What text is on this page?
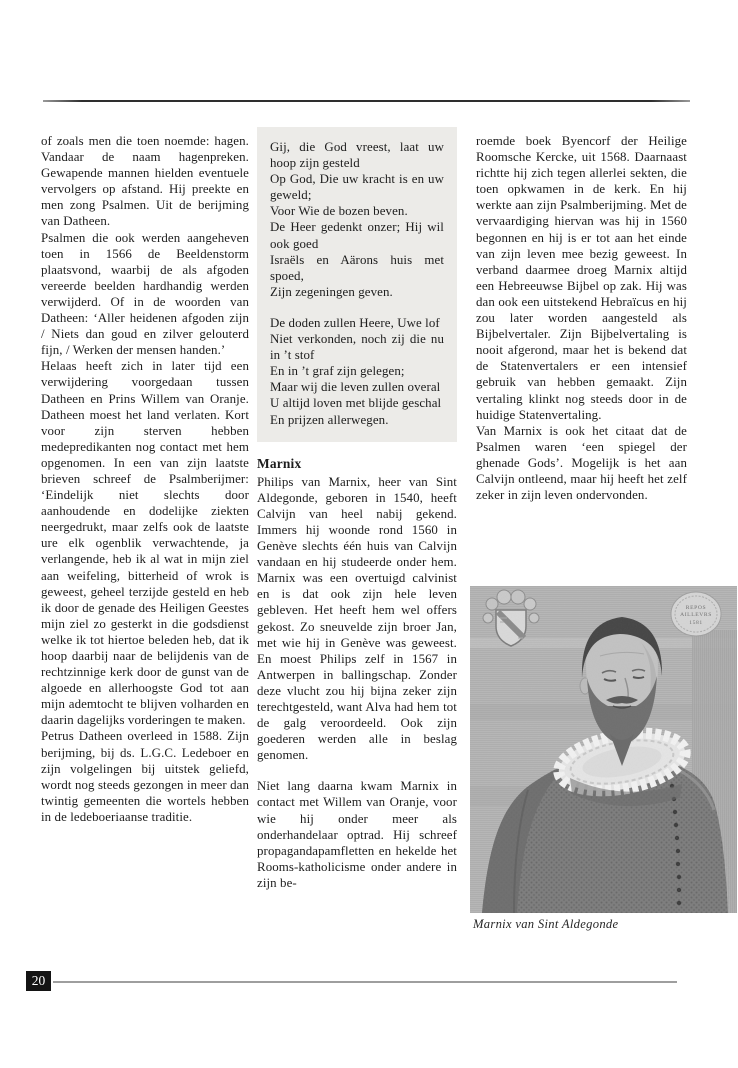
of zoals men die toen noemde: hagen. Vandaar de naam hagenpreken. Gewapende mannen hielden eventuele vervolgers op afstand. Hij preekte en men zong Psalmen. Uit de berijming van Datheen.

Psalmen die ook werden aangeheven toen in 1566 de Beeldenstorm plaatsvond, waarbij de als afgoden vereerde beelden hardhandig werden verwijderd. Of in de woorden van Datheen: ‘Aller heidenen afgoden zijn / Niets dan goud en zilver gelouterd fijn, / Werken der mensen handen.’

Helaas heeft zich in later tijd een verwijdering voorgedaan tussen Datheen en Prins Willem van Oranje. Datheen moest het land verlaten. Kort voor zijn sterven hebben medepredikanten nog contact met hem opgenomen. In een van zijn laatste brieven schreef de Psalmberijmer: ‘Eindelijk niet slechts door aanhoudende en dodelijke ziekten neergedrukt, maar zelfs ook de laatste ure elk ogenblik verwachtende, ja verlangende, heb ik al wat in mijn ziel aan weifeling, bitterheid of wrok is geweest, geheel terzijde gesteld en heb ik door de genade des Heiligen Geestes mijn ziel zo gesterkt in die godsdienst welke ik tot hiertoe beleden heb, dat ik hoop daarbij naar de belijdenis van de rechtzinnige kerk door de gunst van de algoede en allerhoogste God tot aan mijn ademtocht te blijven volharden en daarin dagelijks vorderingen te maken.

Petrus Datheen overleed in 1588. Zijn berijming, bij ds. L.G.C. Ledeboer en zijn volgelingen bij uitstek geliefd, wordt nog steeds gezongen in meer dan twintig gemeenten die wortels hebben in de ledeboeriaanse traditie.

Gij, die God vreest, laat uw hoop zijn gesteld
Op God, Die uw kracht is en uw geweld;
Voor Wie de bozen beven.
De Heer gedenkt onzer; Hij wil ook goed
Israëls en Aärons huis met spoed,
Zijn zegeningen geven.
De doden zullen Heere, Uwe lof
Niet verkonden, noch zij die nu in ’t stof
En in ’t graf zijn gelegen;
Maar wij die leven zullen overal
U altijd loven met blijde geschal
En prijzen allerwegen.
Marnix

Philips van Marnix, heer van Sint Aldegonde, geboren in 1540, heeft Calvijn van heel nabij gekend. Immers hij woonde rond 1560 in Genève slechts één huis van Calvijn vandaan en hij studeerde onder hem. Marnix was een overtuigd calvinist en is dat ook zijn hele leven gebleven. Het heeft hem wel offers gekost. Zo sneuvelde zijn broer Jan, met wie hij in Genève was geweest. En moest Philips zelf in 1567 in Antwerpen in ballingschap. Zonder deze vlucht zou hij bijna zeker zijn terechtgesteld, want Alva had hem tot de galg veroordeeld. Ook zijn goederen werden alle in beslag genomen.

Niet lang daarna kwam Marnix in contact met Willem van Oranje, voor wie hij onder meer als onderhandelaar optrad. Hij schreef propagandapamfletten en hekelde het Rooms-katholicisme onder andere in zijn be-

roemde boek Byencorf der Heilige Roomsche Kercke, uit 1568. Daarnaast richtte hij zich tegen allerlei sekten, die toen opkwamen in de kerk. En hij werkte aan zijn Psalmberijming. Met de vervaardiging hiervan was hij in 1560 begonnen en hij is er tot aan het einde van zijn leven mee bezig geweest. In verband daarmee droeg Marnix altijd een Hebreeuwse Bijbel op zak. Hij was dan ook een uitstekend Hebraïcus en hij zou later worden aangesteld als Bijbelvertaler. Zijn Bijbelvertaling is nooit afgerond, maar het is bekend dat de Statenvertalers er een intensief gebruik van hebben gemaakt. Zijn vertaling klinkt nog steeds door in de huidige Statenvertaling.

Van Marnix is ook het citaat dat de Psalmen waren ‘een spiegel der ghenade Gods’. Mogelijk is het aan Calvijn ontleend, maar hij heeft het zelf zeker in zijn leven ondervonden.

REPOS
AILLEVRS
1581
Marnix van Sint Aldegonde
20
